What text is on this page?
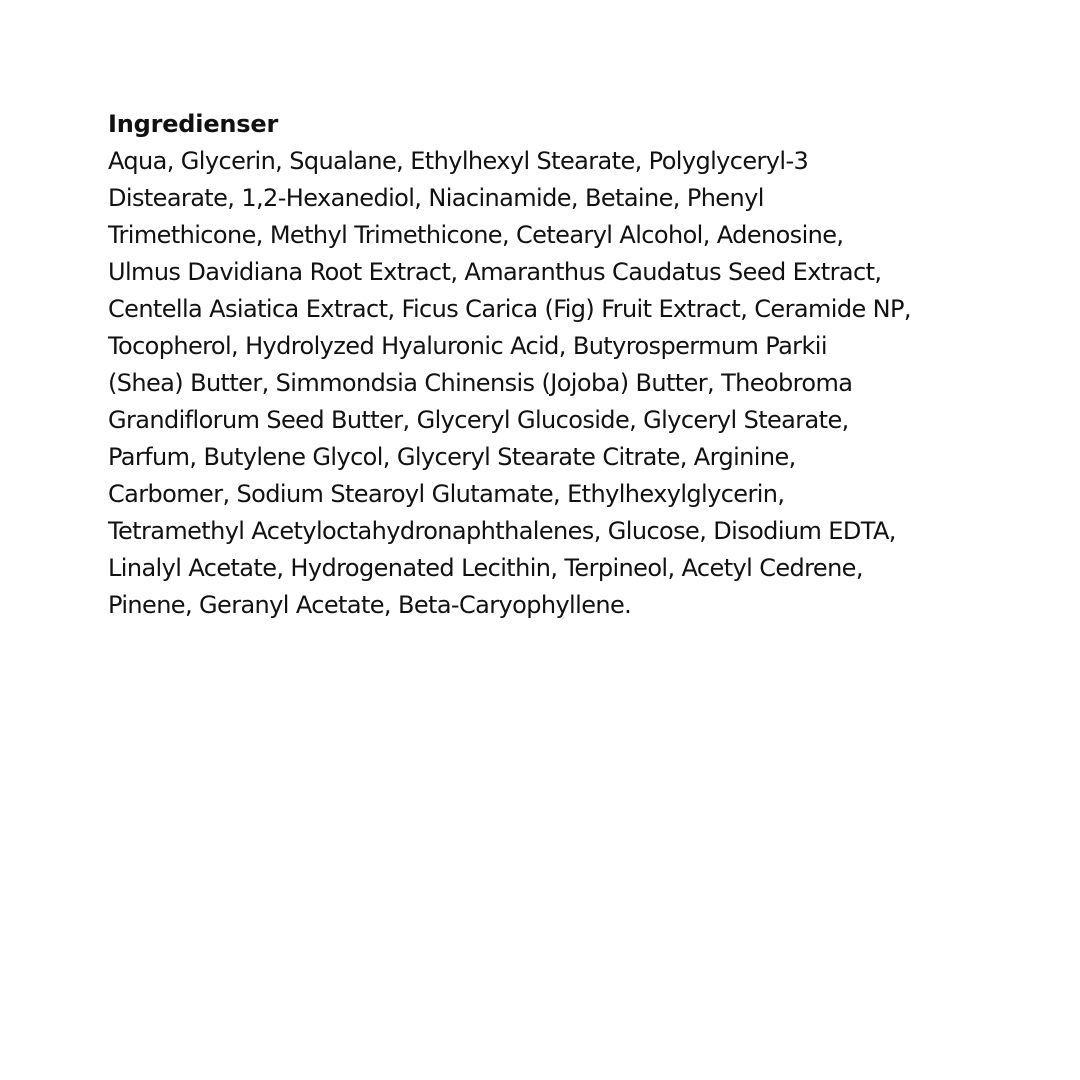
Ingredienser
Aqua, Glycerin, Squalane, Ethylhexyl Stearate, Polyglyceryl-3
Distearate, 1,2-Hexanediol, Niacinamide, Betaine, Phenyl
Trimethicone, Methyl Trimethicone, Cetearyl Alcohol, Adenosine,
Ulmus Davidiana Root Extract, Amaranthus Caudatus Seed Extract,
Centella Asiatica Extract, Ficus Carica (Fig) Fruit Extract, Ceramide NP,
Tocopherol, Hydrolyzed Hyaluronic Acid, Butyrospermum Parkii
(Shea) Butter, Simmondsia Chinensis (Jojoba) Butter, Theobroma
Grandiflorum Seed Butter, Glyceryl Glucoside, Glyceryl Stearate,
Parfum, Butylene Glycol, Glyceryl Stearate Citrate, Arginine,
Carbomer, Sodium Stearoyl Glutamate, Ethylhexylglycerin,
Tetramethyl Acetyloctahydronaphthalenes, Glucose, Disodium EDTA,
Linalyl Acetate, Hydrogenated Lecithin, Terpineol, Acetyl Cedrene,
Pinene, Geranyl Acetate, Beta-Caryophyllene.
